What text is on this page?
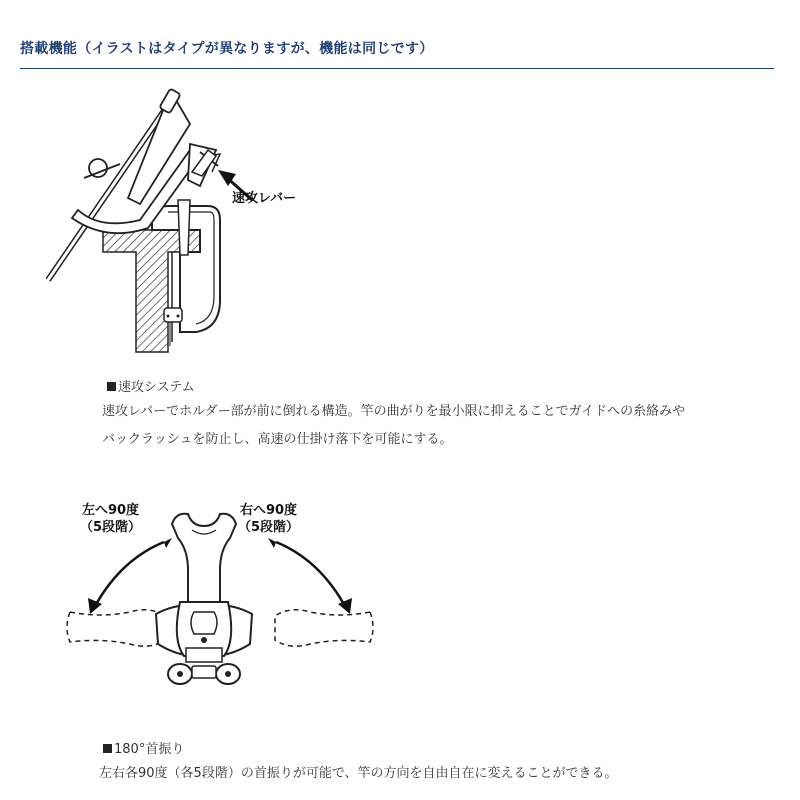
搭載機能（イラストはタイプが異なりますが、機能は同じです）
速攻レバー
速攻システム
速攻レバーでホルダー部が前に倒れる構造。竿の曲がりを最小限に抑えることでガイドへの糸絡みや
バックラッシュを防止し、高速の仕掛け落下を可能にする。
左へ90度
（5段階）
右へ90度
（5段階）
180°首振り
左右各90度（各5段階）の首振りが可能で、竿の方向を自由自在に変えることができる。
